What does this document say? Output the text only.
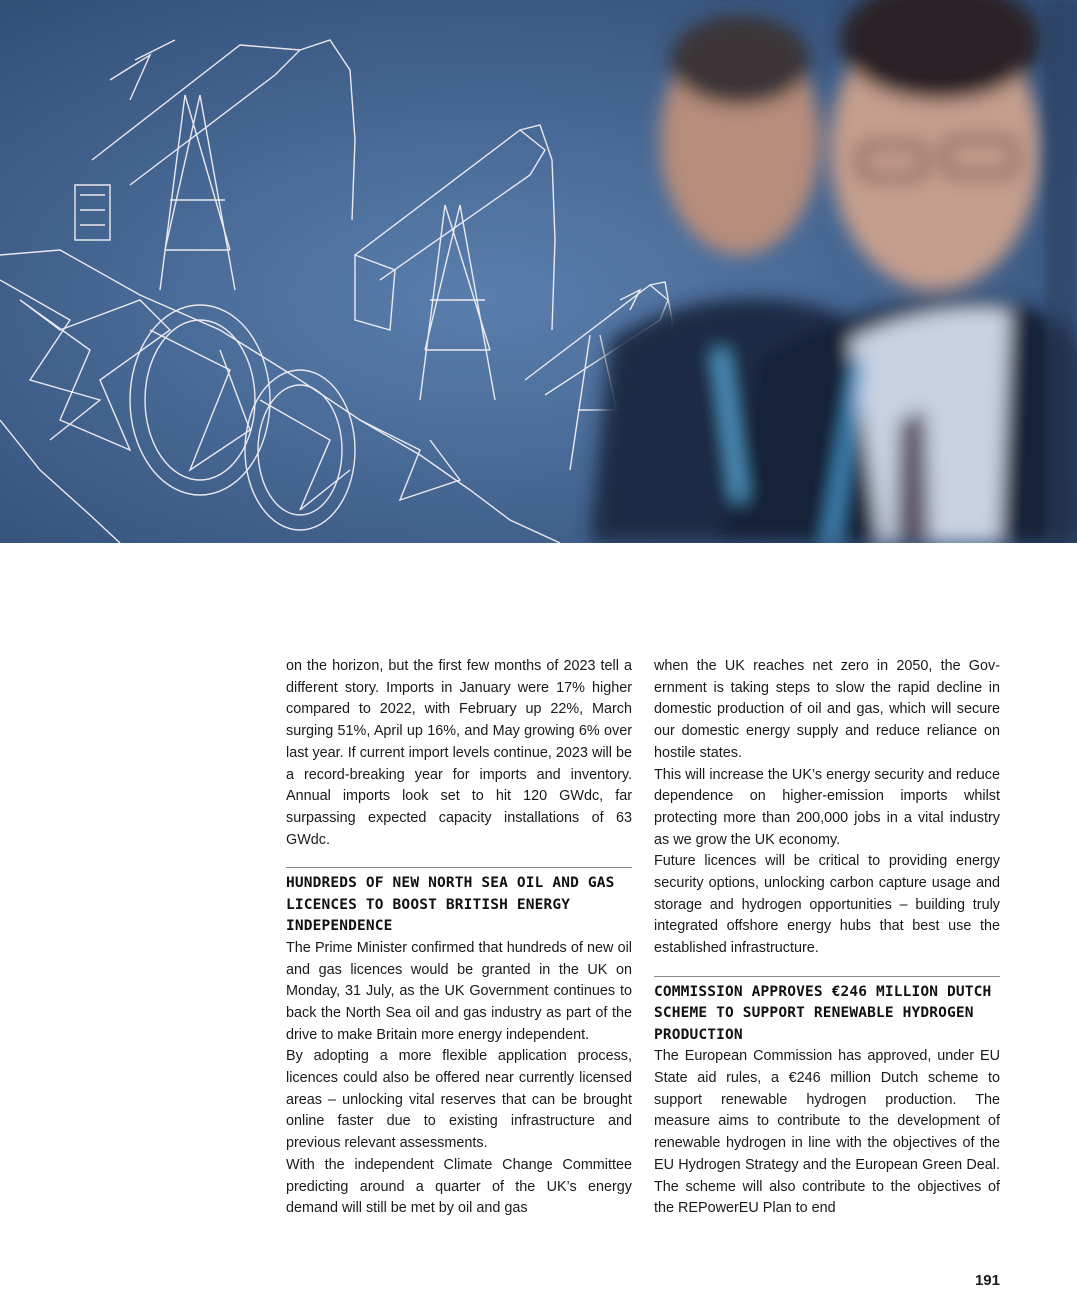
on the horizon, but the first few months of 2023 tell a different story. Imports in January were 17% higher compared to 2022, with February up 22%, March surging 51%, April up 16%, and May growing 6% over last year. If current import levels continue, 2023 will be a record-breaking year for imports and inventory. Annual imports look set to hit 120 GWdc, far surpassing expected capacity installations of 63 GWdc.

HUNDREDS OF NEW NORTH SEA OIL AND GAS LICENCES TO BOOST BRITISH ENERGY INDEPENDENCE

The Prime Minister confirmed that hundreds of new oil and gas licences would be granted in the UK on Monday, 31 July, as the UK Government continues to back the North Sea oil and gas industry as part of the drive to make Britain more energy independent.

By adopting a more flexible application process, licences could also be offered near currently licensed areas – unlocking vital reserves that can be brought online faster due to existing infrastructure and previous relevant assessments.

With the independent Climate Change Committee predicting around a quarter of the UK’s energy demand will still be met by oil and gas

when the UK reaches net zero in 2050, the Government is taking steps to slow the rapid decline in domestic production of oil and gas, which will secure our domestic energy supply and reduce reliance on hostile states.

This will increase the UK’s energy security and reduce dependence on higher-emission imports whilst protecting more than 200,000 jobs in a vital industry as we grow the UK economy.

Future licences will be critical to providing energy security options, unlocking carbon capture usage and storage and hydrogen opportunities – building truly integrated offshore energy hubs that best use the established infrastructure.

COMMISSION APPROVES €246 MILLION DUTCH SCHEME TO SUPPORT RENEWABLE HYDROGEN PRODUCTION

The European Commission has approved, under EU State aid rules, a €246 million Dutch scheme to support renewable hydrogen production. The measure aims to contribute to the development of renewable hydrogen in line with the objectives of the EU Hydrogen Strategy and the European Green Deal. The scheme will also contribute to the objectives of the REPowerEU Plan to end

191
